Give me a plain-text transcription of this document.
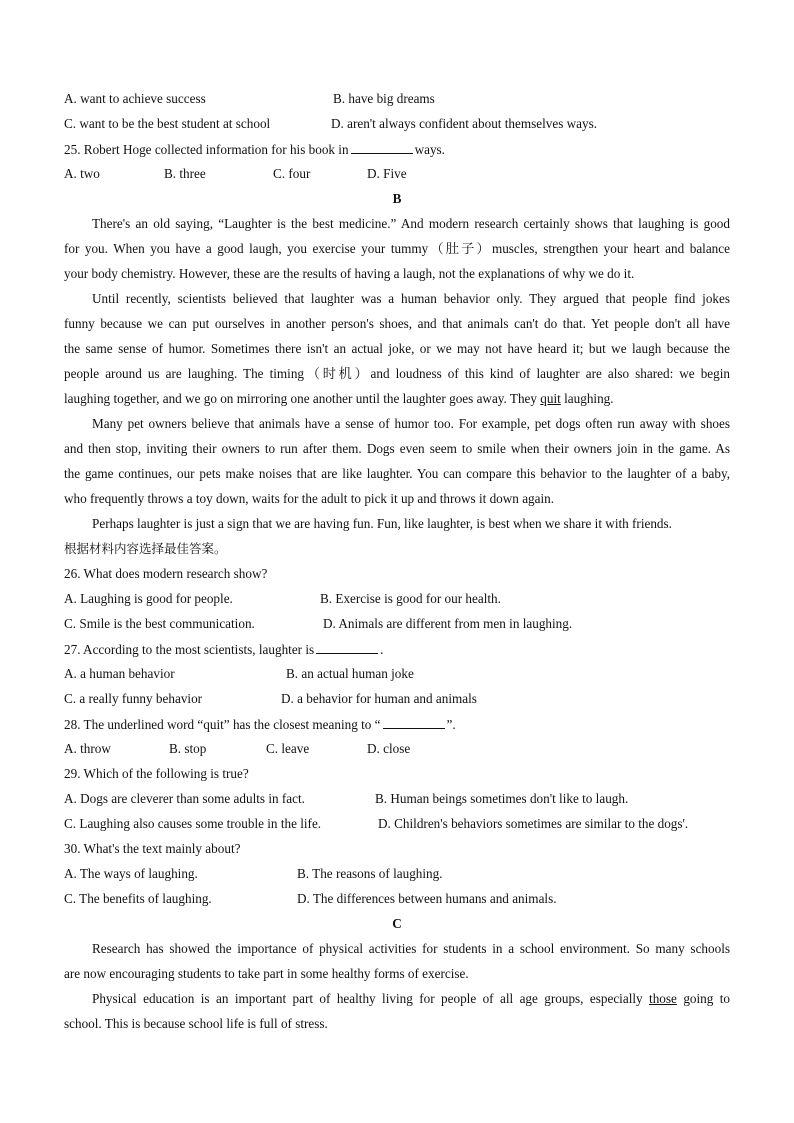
A. want to achieve success	B. have big dreams
C. want to be the best student at school	D. aren't always confident about themselves ways.
25. Robert Hoge collected information for his book in	ways.
A. two	B. three	C. four	D. Five
B
There's an old saying, “Laughter is the best medicine.” And modern research certainly shows that laughing is good
for you. When you have a good laugh, you exercise your tummy（肚子）muscles, strengthen your heart and balance
your body chemistry. However, these are the results of having a laugh, not the explanations of why we do it.
Until recently, scientists believed that laughter was a human behavior only. They argued that people find jokes
funny because we can put ourselves in another person's shoes, and that animals can't do that. Yet people don't all have
the same sense of humor. Sometimes there isn't an actual joke, or we may not have heard it; but we laugh because the
people around us are laughing. The timing（时机）and loudness of this kind of laughter are also shared: we begin
laughing together, and we go on mirroring one another until the laughter goes away. They quit laughing.
Many pet owners believe that animals have a sense of humor too. For example, pet dogs often run away with shoes
and then stop, inviting their owners to run after them. Dogs even seem to smile when their owners join in the game. As
the game continues, our pets make noises that are like laughter. You can compare this behavior to the laughter of a baby,
who frequently throws a toy down, waits for the adult to pick it up and throws it down again.
Perhaps laughter is just a sign that we are having fun. Fun, like laughter, is best when we share it with friends.
根据材料内容选择最佳答案。
26. What does modern research show?
A. Laughing is good for people.	B. Exercise is good for our health.
C. Smile is the best communication.	D. Animals are different from men in laughing.
27. According to the most scientists, laughter is	.
A. a human behavior	B. an actual human joke
C. a really funny behavior	D. a behavior for human and animals
28. The underlined word “quit” has the closest meaning to “	”.
A. throw	B. stop	C. leave	D. close
29. Which of the following is true?
A. Dogs are cleverer than some adults in fact.	B. Human beings sometimes don't like to laugh.
C. Laughing also causes some trouble in the life.	D. Children's behaviors sometimes are similar to the dogs'.
30. What's the text mainly about?
A. The ways of laughing.	B. The reasons of laughing.
C. The benefits of laughing.	D. The differences between humans and animals.
C
Research has showed the importance of physical activities for students in a school environment. So many schools
are now encouraging students to take part in some healthy forms of exercise.
Physical education is an important part of healthy living for people of all age groups, especially those going to
school. This is because school life is full of stress.
